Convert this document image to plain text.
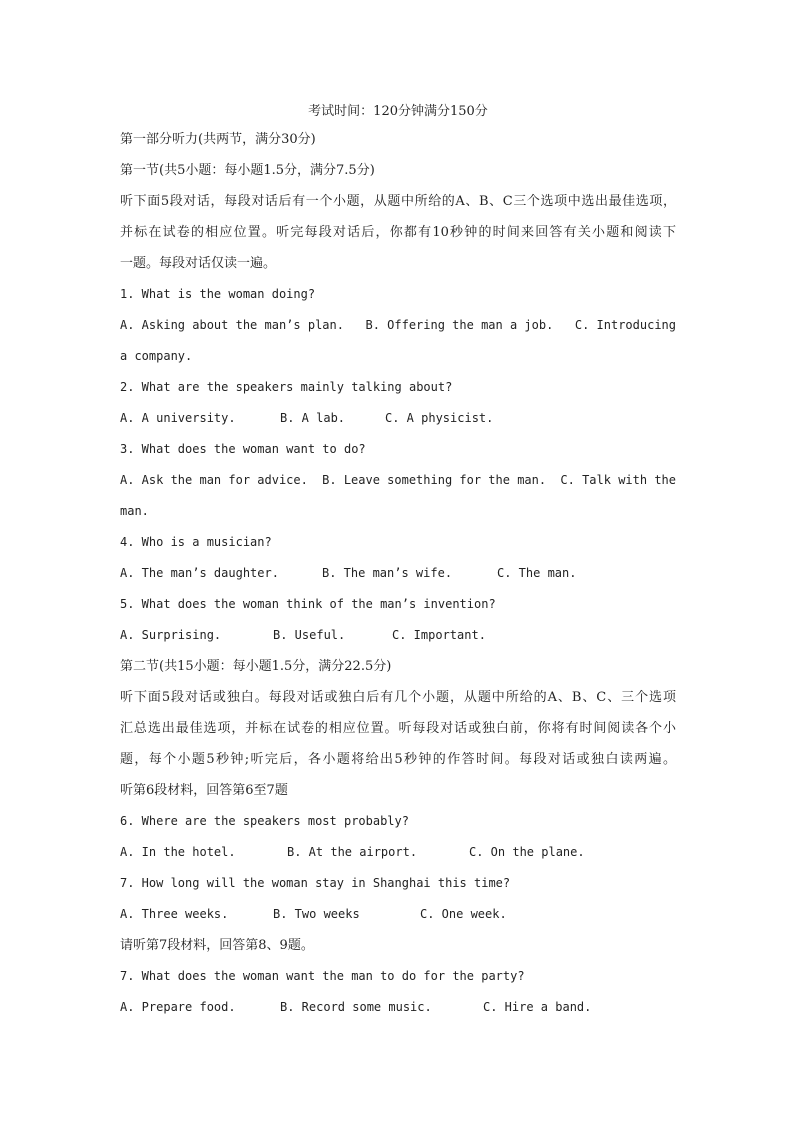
考试时间：120分钟满分150分
第一部分听力(共两节，满分30分)
第一节(共5小题：每小题1.5分，满分7.5分)
听下面5段对话，每段对话后有一个小题，从题中所给的A、B、C三个选项中选出最佳选项，
并标在试卷的相应位置。听完每段对话后，你都有10秒钟的时间来回答有关小题和阅读下
一题。每段对话仅读一遍。
1. What is the woman doing?
A. Asking about the man’s plan. B. Offering the man a job. C. Introducing
a company.
2. What are the speakers mainly talking about?
A. A university.	B. A lab.	C. A physicist.
3. What does the woman want to do?
A. Ask the man for advice. B. Leave something for the man. C. Talk with the
man.
4. Who is a musician?
A. The man’s daughter.	B. The man’s wife.	C. The man.
5. What does the woman think of the man’s invention?
A. Surprising.	B. Useful.	C. Important.
第二节(共15小题：每小题1.5分，满分22.5分)
听下面5段对话或独白。每段对话或独白后有几个小题，从题中所给的A、B、C、三个选项
汇总选出最佳选项，并标在试卷的相应位置。听每段对话或独白前，你将有时间阅读各个小
题，每个小题5秒钟;听完后，各小题将给出5秒钟的作答时间。每段对话或独白读两遍。
听第6段材料，回答第6至7题
6. Where are the speakers most probably?
A. In the hotel.	B. At the airport.	C. On the plane.
7. How long will the woman stay in Shanghai this time?
A. Three weeks.	B. Two weeks	C. One week.
请听第7段材料，回答第8、9题。
7. What does the woman want the man to do for the party?
A. Prepare food.	B. Record some music.	C. Hire a band.
